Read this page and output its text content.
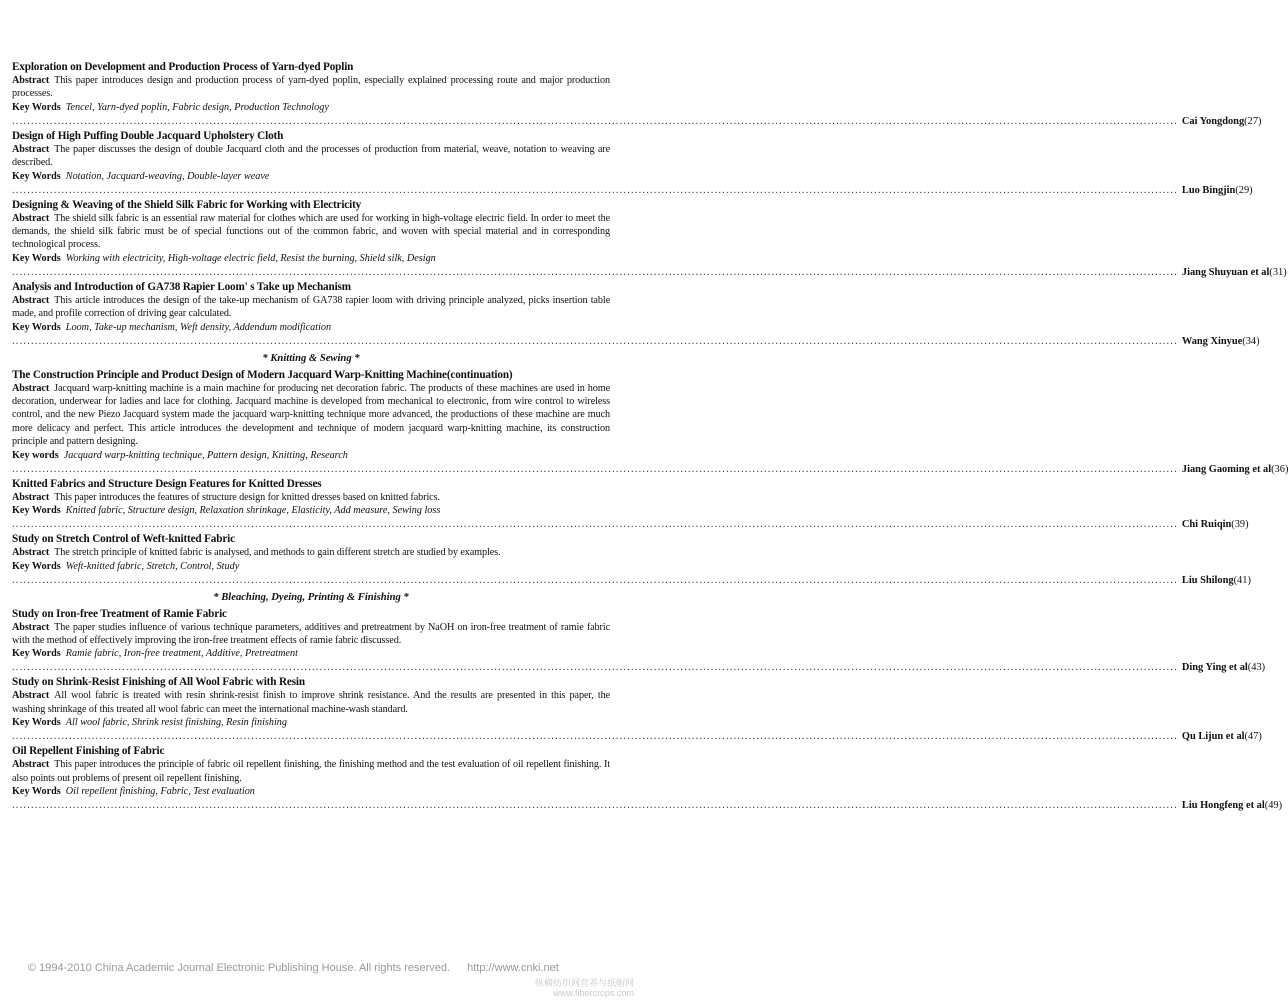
Exploration on Development and Production Process of Yarn-dyed Poplin
Abstract This paper introduces design and production process of yarn-dyed poplin, especially explained processing route and major production processes.
Key Words Tencel, Yarn-dyed poplin, Fabric design, Production Technology
................................................................................................................................................................................................................................................................................................................... Cai Yongdong (27)
Design of High Puffing Double Jacquard Upholstery Cloth
Abstract The paper discusses the design of double Jacquard cloth and the processes of production from material, weave, notation to weaving are described.
Key Words Notation, Jacquard-weaving, Double-layer weave
................................................................................................................................................................................................................................................................................................................... Luo Bingjin (29)
Designing & Weaving of the Shield Silk Fabric for Working with Electricity
Abstract The shield silk fabric is an essential raw material for clothes which are used for working in high-voltage electric field. In order to meet the demands, the shield silk fabric must be of special functions out of the common fabric, and woven with special material and in corresponding technological process.
Key Words Working with electricity, High-voltage electric field, Resist the burning, Shield silk, Design
................................................................................................................................................................................................................................................................................................................... Jiang Shuyuan et al (31)
Analysis and Introduction of GA738 Rapier Loom' s Take up Mechanism
Abstract This article introduces the design of the take-up mechanism of GA738 rapier loom with driving principle analyzed, picks insertion table made, and profile correction of driving gear calculated.
Key Words Loom, Take-up mechanism, Weft density, Addendum modification
................................................................................................................................................................................................................................................................................................................... Wang Xinyue (34)
* Knitting & Sewing *
The Construction Principle and Product Design of Modern Jacquard Warp-Knitting Machine(continuation)
Abstract Jacquard warp-knitting machine is a main machine for producing net decoration fabric. The products of these machines are used in home decoration, underwear for ladies and lace for clothing. Jacquard machine is developed from mechanical to electronic, from wire control to wireless control, and the new Piezo Jacquard system made the jacquard warp-knitting technique more advanced, the productions of these machine are much more delicacy and perfect. This article introduces the development and technique of modern jacquard warp-knitting machine, its construction principle and pattern designing.
Key words Jacquard warp-knitting technique, Pattern design, Knitting, Research
................................................................................................................................................................................................................................................................................................................... Jiang Gaoming et al (36)
Knitted Fabrics and Structure Design Features for Knitted Dresses
Abstract This paper introduces the features of structure design for knitted dresses based on knitted fabrics.
Key Words Knitted fabric, Structure design, Relaxation shrinkage, Elasticity, Add measure, Sewing loss
................................................................................................................................................................................................................................................................................................................... Chi Ruiqin (39)
Study on Stretch Control of Weft-knitted Fabric
Abstract The stretch principle of knitted fabric is analysed, and methods to gain different stretch are studied by examples.
Key Words Weft-knitted fabric, Stretch, Control, Study
................................................................................................................................................................................................................................................................................................................... Liu Shilong (41)
* Bleaching, Dyeing, Printing & Finishing *
Study on Iron-free Treatment of Ramie Fabric
Abstract The paper studies influence of various technique parameters, additives and pretreatment by NaOH on iron-free treatment of ramie fabric with the method of effectively improving the iron-free treatment effects of ramie fabric discussed.
Key Words Ramie fabric, Iron-free treatment, Additive, Pretreatment
................................................................................................................................................................................................................................................................................................................... Ding Ying et al (43)
Study on Shrink-Resist Finishing of All Wool Fabric with Resin
Abstract All wool fabric is treated with resin shrink-resist finish to improve shrink resistance. And the results are presented in this paper, the washing shrinkage of this treated all wool fabric can meet the international machine-wash standard.
Key Words All wool fabric, Shrink resist finishing, Resin finishing
................................................................................................................................................................................................................................................................................................................... Qu Lijun et al (47)
Oil Repellent Finishing of Fabric
Abstract This paper introduces the principle of fabric oil repellent finishing, the finishing method and the test evaluation of oil repellent finishing. It also points out problems of present oil repellent finishing.
Key Words Oil repellent finishing, Fabric, Test evaluation
................................................................................................................................................................................................................................................................................................................... Liu Hongfeng et al (49)
© 1994-2010 China Academic Journal Electronic Publishing House. All rights reserved. http://www.cnki.net
纵横纺织网营养与纸帽网
www.fibercrops.com
